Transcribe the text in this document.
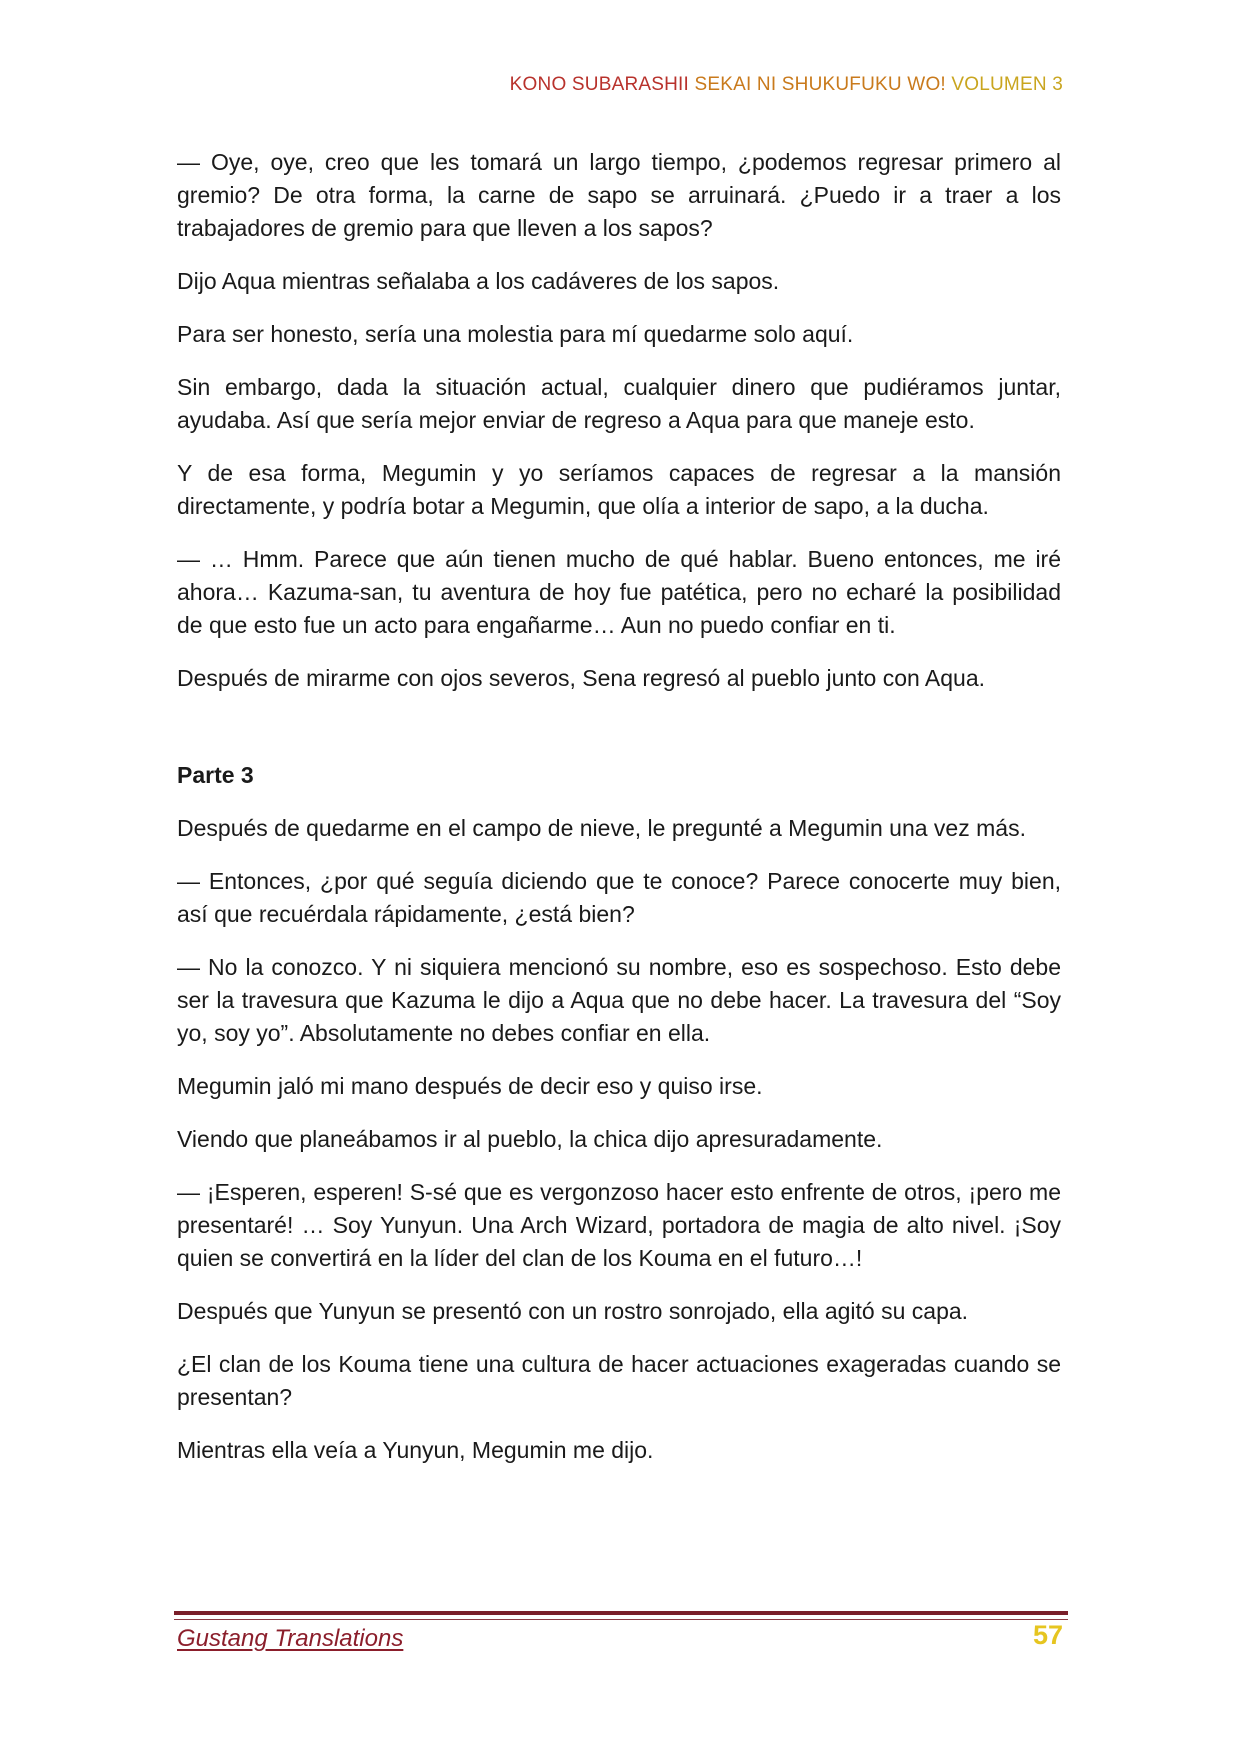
KONO SUBARASHII SEKAI NI SHUKUFUKU WO! VOLUMEN 3

— Oye, oye, creo que les tomará un largo tiempo, ¿podemos regresar primero al gremio? De otra forma, la carne de sapo se arruinará. ¿Puedo ir a traer a los trabajadores de gremio para que lleven a los sapos?

Dijo Aqua mientras señalaba a los cadáveres de los sapos.

Para ser honesto, sería una molestia para mí quedarme solo aquí.

Sin embargo, dada la situación actual, cualquier dinero que pudiéramos juntar, ayudaba. Así que sería mejor enviar de regreso a Aqua para que maneje esto.

Y de esa forma, Megumin y yo seríamos capaces de regresar a la mansión directamente, y podría botar a Megumin, que olía a interior de sapo, a la ducha.

— … Hmm. Parece que aún tienen mucho de qué hablar. Bueno entonces, me iré ahora… Kazuma-san, tu aventura de hoy fue patética, pero no echaré la posibilidad de que esto fue un acto para engañarme… Aun no puedo confiar en ti.

Después de mirarme con ojos severos, Sena regresó al pueblo junto con Aqua.

Parte 3

Después de quedarme en el campo de nieve, le pregunté a Megumin una vez más.

— Entonces, ¿por qué seguía diciendo que te conoce? Parece conocerte muy bien, así que recuérdala rápidamente, ¿está bien?

— No la conozco. Y ni siquiera mencionó su nombre, eso es sospechoso. Esto debe ser la travesura que Kazuma le dijo a Aqua que no debe hacer. La travesura del “Soy yo, soy yo”. Absolutamente no debes confiar en ella.

Megumin jaló mi mano después de decir eso y quiso irse.

Viendo que planeábamos ir al pueblo, la chica dijo apresuradamente.

— ¡Esperen, esperen! S-sé que es vergonzoso hacer esto enfrente de otros, ¡pero me presentaré! … Soy Yunyun. Una Arch Wizard, portadora de magia de alto nivel. ¡Soy quien se convertirá en la líder del clan de los Kouma en el futuro…!

Después que Yunyun se presentó con un rostro sonrojado, ella agitó su capa.

¿El clan de los Kouma tiene una cultura de hacer actuaciones exageradas cuando se presentan?

Mientras ella veía a Yunyun, Megumin me dijo.

Gustang Translations	57
